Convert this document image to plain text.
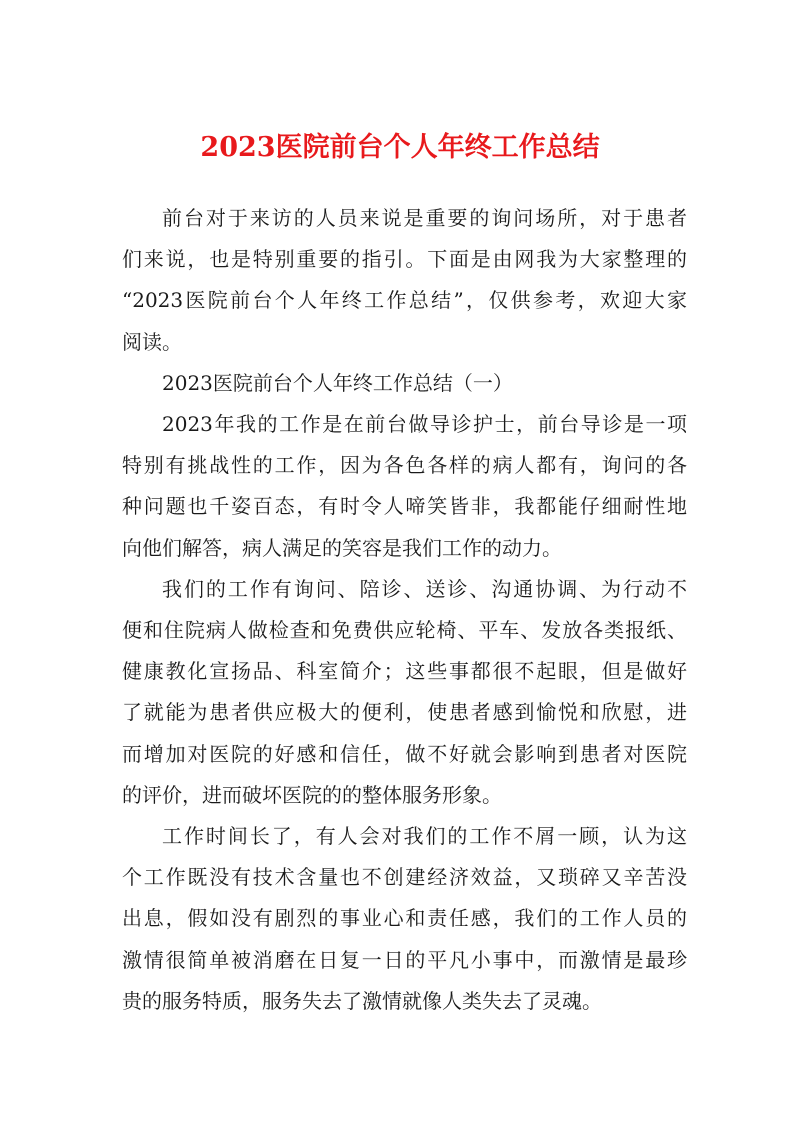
2023医院前台个人年终工作总结

前台对于来访的人员来说是重要的询问场所，对于患者
们来说，也是特别重要的指引。下面是由网我为大家整理的
“2023医院前台个人年终工作总结”，仅供参考，欢迎大家
阅读。

2023医院前台个人年终工作总结（一）

2023年我的工作是在前台做导诊护士，前台导诊是一项
特别有挑战性的工作，因为各色各样的病人都有，询问的各
种问题也千姿百态，有时令人啼笑皆非，我都能仔细耐性地
向他们解答，病人满足的笑容是我们工作的动力。

我们的工作有询问、陪诊、送诊、沟通协调、为行动不
便和住院病人做检查和免费供应轮椅、平车、发放各类报纸、
健康教化宣扬品、科室简介；这些事都很不起眼，但是做好
了就能为患者供应极大的便利，使患者感到愉悦和欣慰，进
而增加对医院的好感和信任，做不好就会影响到患者对医院
的评价，进而破坏医院的的整体服务形象。

工作时间长了，有人会对我们的工作不屑一顾，认为这
个工作既没有技术含量也不创建经济效益，又琐碎又辛苦没
出息，假如没有剧烈的事业心和责任感，我们的工作人员的
激情很简单被消磨在日复一日的平凡小事中，而激情是最珍
贵的服务特质，服务失去了激情就像人类失去了灵魂。
